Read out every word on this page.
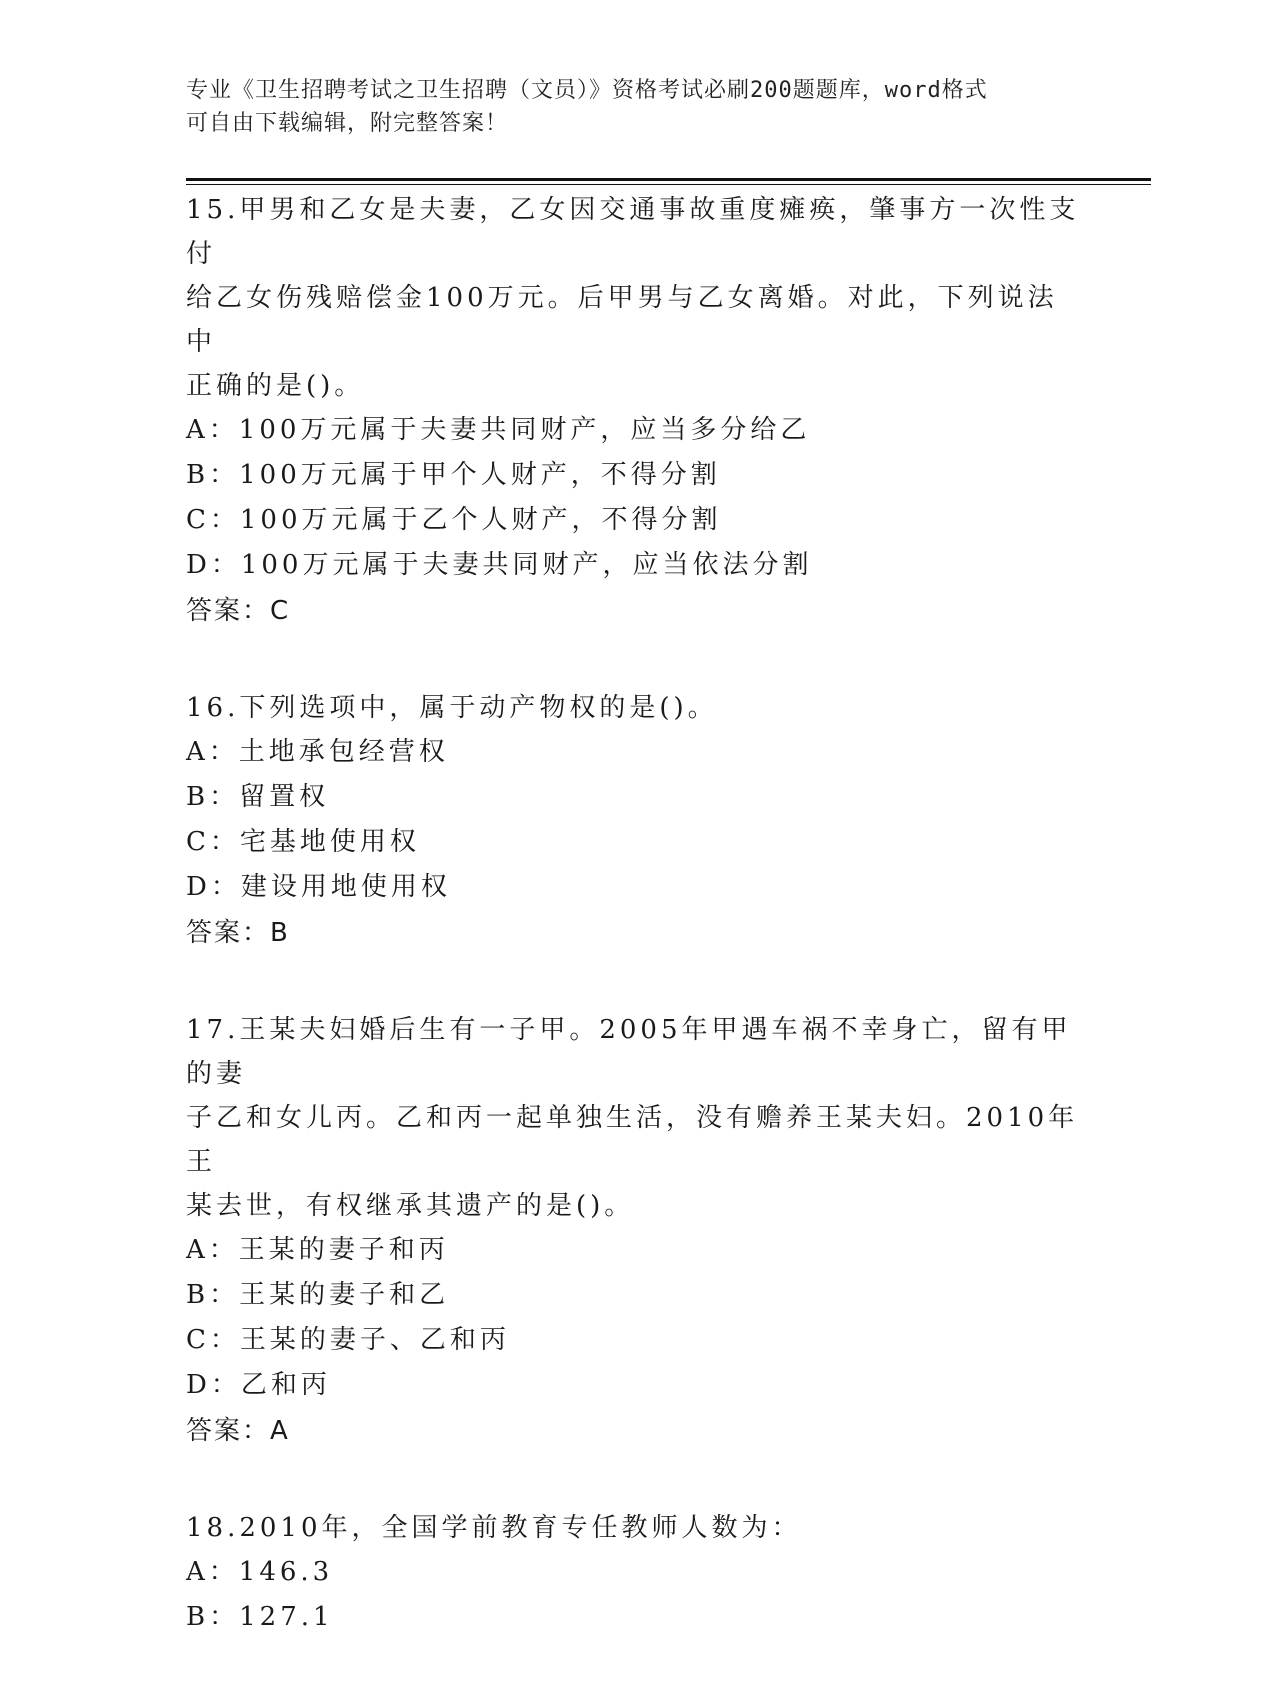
专业《卫生招聘考试之卫生招聘（文员）》资格考试必刷200题题库，word格式
可自由下载编辑，附完整答案！

15.甲男和乙女是夫妻，乙女因交通事故重度瘫痪，肇事方一次性支付

给乙女伤残赔偿金100万元。后甲男与乙女离婚。对此，下列说法中

正确的是()。

A：100万元属于夫妻共同财产，应当多分给乙

B：100万元属于甲个人财产，不得分割

C：100万元属于乙个人财产，不得分割

D：100万元属于夫妻共同财产，应当依法分割

答案：C

16.下列选项中，属于动产物权的是()。

A：土地承包经营权

B：留置权

C：宅基地使用权

D：建设用地使用权

答案：B

17.王某夫妇婚后生有一子甲。2005年甲遇车祸不幸身亡，留有甲的妻

子乙和女儿丙。乙和丙一起单独生活，没有赡养王某夫妇。2010年王

某去世，有权继承其遗产的是()。

A：王某的妻子和丙

B：王某的妻子和乙

C：王某的妻子、乙和丙

D：乙和丙

答案：A

18.2010年，全国学前教育专任教师人数为：

A：146.3

B：127.1
